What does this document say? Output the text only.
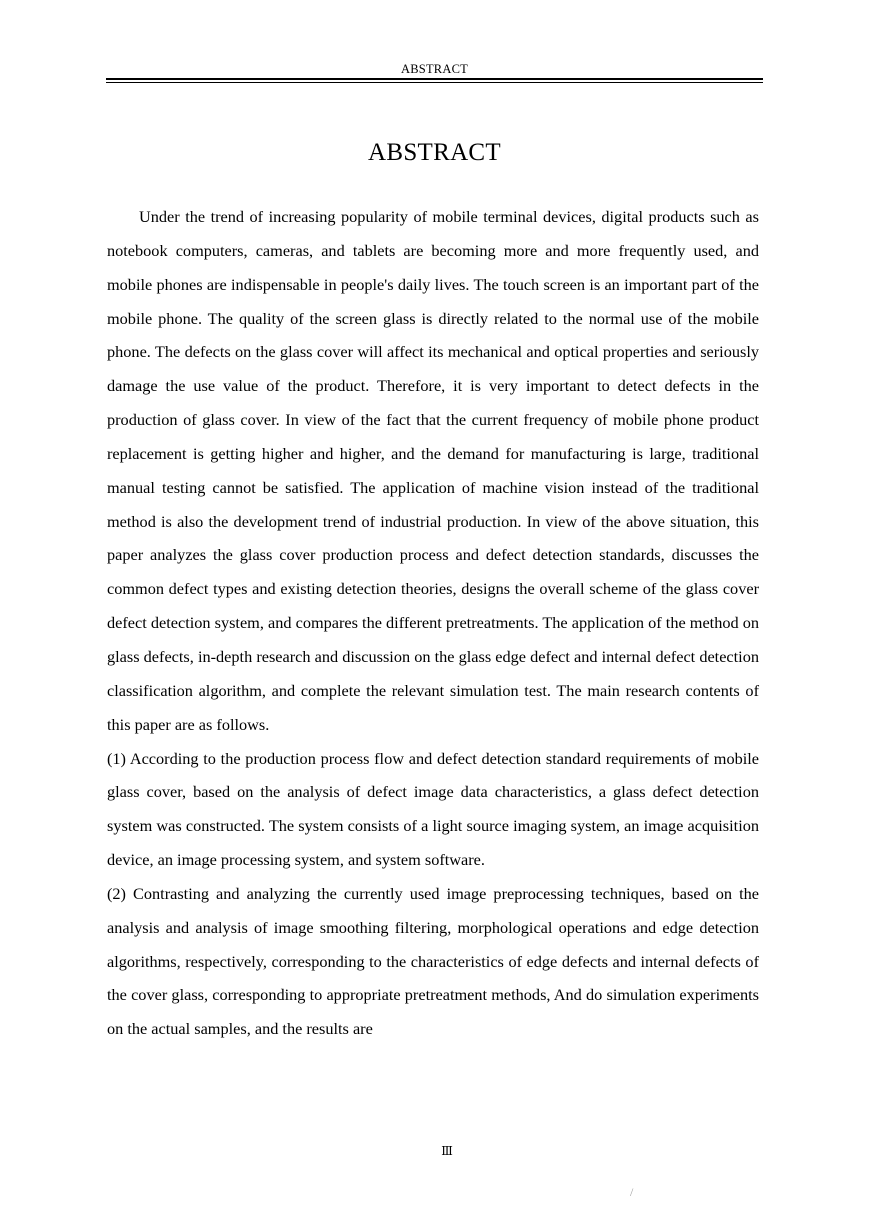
ABSTRACT
ABSTRACT

Under the trend of increasing popularity of mobile terminal devices, digital products such as notebook computers, cameras, and tablets are becoming more and more frequently used, and mobile phones are indispensable in people's daily lives. The touch screen is an important part of the mobile phone. The quality of the screen glass is directly related to the normal use of the mobile phone. The defects on the glass cover will affect its mechanical and optical properties and seriously damage the use value of the product. Therefore, it is very important to detect defects in the production of glass cover. In view of the fact that the current frequency of mobile phone product replacement is getting higher and higher, and the demand for manufacturing is large, traditional manual testing cannot be satisfied. The application of machine vision instead of the traditional method is also the development trend of industrial production. In view of the above situation, this paper analyzes the glass cover production process and defect detection standards, discusses the common defect types and existing detection theories, designs the overall scheme of the glass cover defect detection system, and compares the different pretreatments. The application of the method on glass defects, in-depth research and discussion on the glass edge defect and internal defect detection classification algorithm, and complete the relevant simulation test. The main research contents of this paper are as follows.

(1) According to the production process flow and defect detection standard requirements of mobile glass cover, based on the analysis of defect image data characteristics, a glass defect detection system was constructed. The system consists of a light source imaging system, an image acquisition device, an image processing system, and system software.

(2) Contrasting and analyzing the currently used image preprocessing techniques, based on the analysis and analysis of image smoothing filtering, morphological operations and edge detection algorithms, respectively, corresponding to the characteristics of edge defects and internal defects of the cover glass, corresponding to appropriate pretreatment methods, And do simulation experiments on the actual samples, and the results are

Ⅲ
/
